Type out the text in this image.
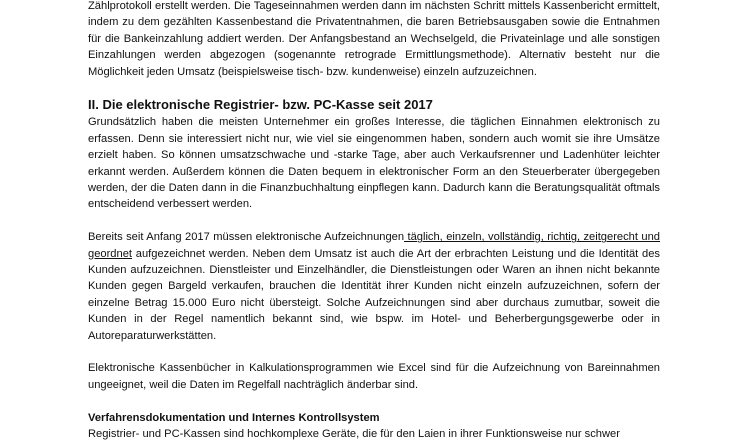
Zählprotokoll erstellt werden. Die Tageseinnahmen werden dann im nächsten Schritt mittels Kassenbericht ermittelt, indem zu dem gezählten Kassenbestand die Privatentnahmen, die baren Betriebsausgaben sowie die Entnahmen für die Bankeinzahlung addiert werden. Der Anfangsbestand an Wechselgeld, die Privateinlage und alle sonstigen Einzahlungen werden abgezogen (sogenannte retrograde Ermittlungsmethode). Alternativ besteht nur die Möglichkeit jeden Umsatz (beispielsweise tisch- bzw. kundenweise) einzeln aufzuzeichnen.

II. Die elektronische Registrier- bzw. PC-Kasse seit 2017

Grundsätzlich haben die meisten Unternehmer ein großes Interesse, die täglichen Einnahmen elektronisch zu erfassen. Denn sie interessiert nicht nur, wie viel sie eingenommen haben, sondern auch womit sie ihre Umsätze erzielt haben. So können umsatzschwache und -starke Tage, aber auch Verkaufsrenner und Ladenhüter leichter erkannt werden. Außerdem können die Daten bequem in elektronischer Form an den Steuerberater übergegeben werden, der die Daten dann in die Finanzbuchhaltung einpflegen kann. Dadurch kann die Beratungsqualität oftmals entscheidend verbessert werden.

Bereits seit Anfang 2017 müssen elektronische Aufzeichnungen täglich, einzeln, vollständig, richtig, zeitgerecht und geordnet aufgezeichnet werden. Neben dem Umsatz ist auch die Art der erbrachten Leistung und die Identität des Kunden aufzuzeichnen. Dienstleister und Einzelhändler, die Dienstleistungen oder Waren an ihnen nicht bekannte Kunden gegen Bargeld verkaufen, brauchen die Identität ihrer Kunden nicht einzeln aufzuzeichnen, sofern der einzelne Betrag 15.000 Euro nicht übersteigt. Solche Aufzeichnungen sind aber durchaus zumutbar, soweit die Kunden in der Regel namentlich bekannt sind, wie bspw. im Hotel- und Beherbergungsgewerbe oder in Autoreparaturwerkstätten.

Elektronische Kassenbücher in Kalkulationsprogrammen wie Excel sind für die Aufzeichnung von Bareinnahmen ungeeignet, weil die Daten im Regelfall nachträglich änderbar sind.

Verfahrensdokumentation und Internes Kontrollsystem

Registrier- und PC-Kassen sind hochkomplexe Geräte, die für den Laien in ihrer Funktionsweise nur schwer
